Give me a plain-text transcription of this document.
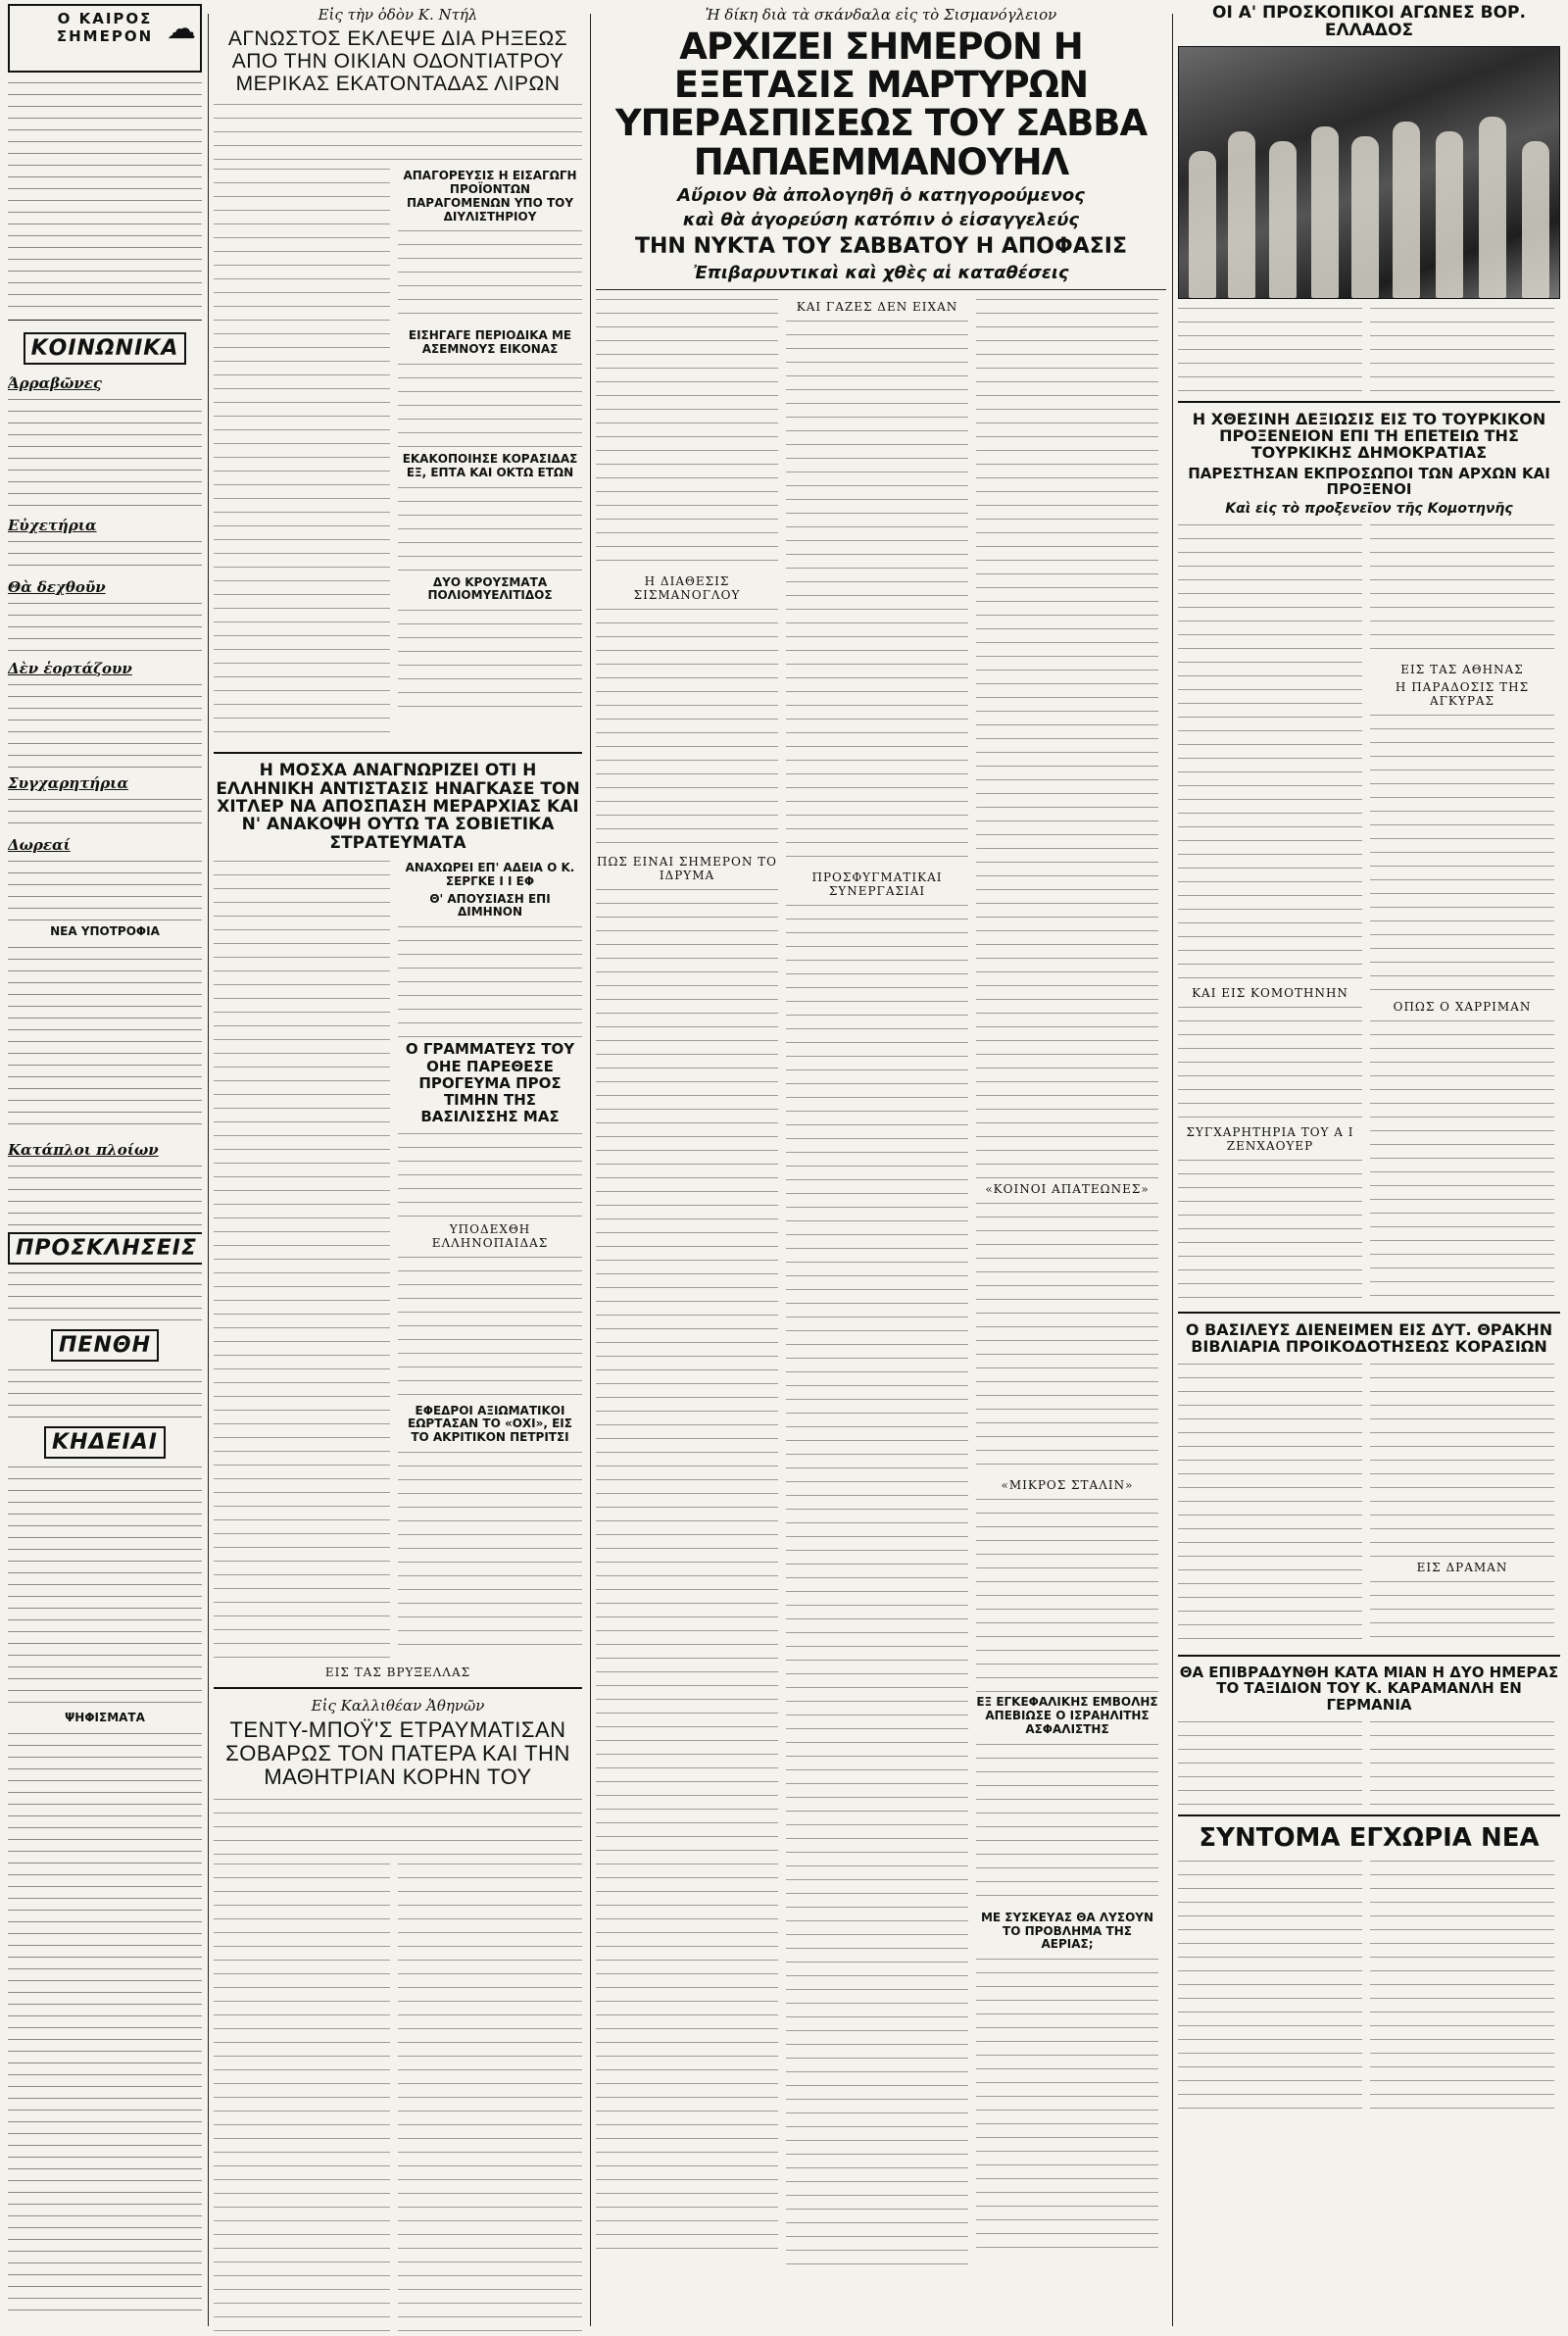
Ο ΚΑΙΡΟΣ
ΣΗΜΕΡΟΝ ☁
ΚΟΙΝΩΝΙΚΑ
Άρραβῶνες
Εὐχετήρια
Θὰ δεχθοῦν
Δὲν ἑορτάζουν
Συγχαρητήρια
Δωρεαί
ΝΕΑ ΥΠΟΤΡΟΦΙΑ
Κατάπλοι πλοίων
ΠΡΟΣΚΛΗΣΕΙΣ
ΠΕΝΘΗ
ΚΗΔΕΙΑΙ
ΨΗΦΙΣΜΑΤΑ
Εἰς τὴν ὁδὸν Κ. Ντήλ
ΑΓΝΩΣΤΟΣ ΕΚΛΕΨΕ ΔΙΑ ΡΗΞΕΩΣ ΑΠΟ ΤΗΝ ΟΙΚΙΑΝ ΟΔΟΝΤΙΑΤΡΟΥ ΜΕΡΙΚΑΣ ΕΚΑΤΟΝΤΑΔΑΣ ΛΙΡΩΝ
ΑΠΑΓΟΡΕΥΣΙΣ Η ΕΙΣΑΓΩΓΗ ΠΡΟΪΟΝΤΩΝ ΠΑΡΑΓΟΜΕΝΩΝ ΥΠΟ ΤΟΥ ΔΙΥΛΙΣΤΗΡΙΟΥ
ΕΙΣΗΓΑΓΕ ΠΕΡΙΟΔΙΚΑ ΜΕ ΑΣΕΜΝΟΥΣ ΕΙΚΟΝΑΣ
ΕΚΑΚΟΠΟΙΗΣΕ ΚΟΡΑΣΙΔΑΣ ΕΞ, ΕΠΤΑ ΚΑΙ ΟΚΤΩ ΕΤΩΝ
ΔΥΟ ΚΡΟΥΣΜΑΤΑ ΠΟΛΙΟΜΥΕΛΙΤΙΔΟΣ
Η ΜΟΣΧΑ ΑΝΑΓΝΩΡΙΖΕΙ ΟΤΙ Η ΕΛΛΗΝΙΚΗ ΑΝΤΙΣΤΑΣΙΣ ΗΝΑΓΚΑΣΕ ΤΟΝ ΧΙΤΛΕΡ ΝΑ ΑΠΟΣΠΑΣΗ ΜΕΡΑΡΧΙΑΣ ΚΑΙ Ν' ΑΝΑΚΟΨΗ ΟΥΤΩ ΤΑ ΣΟΒΙΕΤΙΚΑ ΣΤΡΑΤΕΥΜΑΤΑ
ΑΝΑΧΩΡΕΙ ΕΠ' ΑΔΕΙΑ Ο Κ. ΣΕΡΓΚΕ Ι Ι ΕΦ
Θ' ΑΠΟΥΣΙΑΣΗ ΕΠΙ ΔΙΜΗΝΟΝ
Ο ΓΡΑΜΜΑΤΕΥΣ ΤΟΥ ΟΗΕ ΠΑΡΕΘΕΣΕ ΠΡΟΓΕΥΜΑ ΠΡΟΣ ΤΙΜΗΝ ΤΗΣ ΒΑΣΙΛΙΣΣΗΣ ΜΑΣ
ΥΠΟΔΕΧΘΗ ΕΛΛΗΝΟΠΑΙΔΑΣ
ΕΦΕΔΡΟΙ ΑΞΙΩΜΑΤΙΚΟΙ ΕΩΡΤΑΣΑΝ ΤΟ «ΟΧΙ», ΕΙΣ ΤΟ ΑΚΡΙΤΙΚΟΝ ΠΕΤΡΙΤΣΙ
ΕΙΣ ΤΑΣ ΒΡΥΞΕΛΛΑΣ
Εἰς Καλλιθέαν Ἀθηνῶν
ΤΕΝΤΥ-ΜΠΟΫ'Σ ΕΤΡΑΥΜΑΤΙΣΑΝ ΣΟΒΑΡΩΣ ΤΟΝ ΠΑΤΕΡΑ ΚΑΙ ΤΗΝ ΜΑΘΗΤΡΙΑΝ ΚΟΡΗΝ ΤΟΥ
Ἡ δίκη διὰ τὰ σκάνδαλα εἰς τὸ Σισμανόγλειον
ΑΡΧΙΖΕΙ ΣΗΜΕΡΟΝ Η ΕΞΕΤΑΣΙΣ ΜΑΡΤΥΡΩΝ ΥΠΕΡΑΣΠΙΣΕΩΣ ΤΟΥ ΣΑΒΒΑ ΠΑΠΑΕΜΜΑΝΟΥΗΛ
Αὔριον θὰ ἀπολογηθῆ ὁ κατηγορούμενος
καὶ θὰ ἀγορεύση κατόπιν ὁ εἰσαγγελεύς
ΤΗΝ ΝΥΚΤΑ ΤΟΥ ΣΑΒΒΑΤΟΥ Η ΑΠΟΦΑΣΙΣ
Ἐπιβαρυντικαὶ καὶ χθὲς αἱ καταθέσεις
Η ΔΙΑΘΕΣΙΣ ΣΙΣΜΑΝΟΓΛΟΥ
ΠΩΣ ΕΙΝΑΙ ΣΗΜΕΡΟΝ ΤΟ ΙΔΡΥΜΑ
ΚΑΙ ΓΑΖΕΣ ΔΕΝ ΕΙΧΑΝ
ΠΡΟΣΦΥΓΜΑΤΙΚΑΙ ΣΥΝΕΡΓΑΣΙΑΙ
«ΚΟΙΝΟΙ ΑΠΑΤΕΩΝΕΣ»
«ΜΙΚΡΟΣ ΣΤΑΛΙΝ»
ΕΞ ΕΓΚΕΦΑΛΙΚΗΣ ΕΜΒΟΛΗΣ ΑΠΕΒΙΩΣΕ Ο ΙΣΡΑΗΛΙΤΗΣ ΑΣΦΑΛΙΣΤΗΣ
ΜΕ ΣΥΣΚΕΥΑΣ ΘΑ ΛΥΣΟΥΝ ΤΟ ΠΡΟΒΛΗΜΑ ΤΗΣ ΑΕΡΙΑΣ;
ΟΙ Α' ΠΡΟΣΚΟΠΙΚΟΙ ΑΓΩΝΕΣ ΒΟΡ. ΕΛΛΑΔΟΣ
Η ΧΘΕΣΙΝΗ ΔΕΞΙΩΣΙΣ ΕΙΣ ΤΟ ΤΟΥΡΚΙΚΟΝ ΠΡΟΞΕΝΕΙΟΝ ΕΠΙ ΤΗ ΕΠΕΤΕΙΩ ΤΗΣ ΤΟΥΡΚΙΚΗΣ ΔΗΜΟΚΡΑΤΙΑΣ
ΠΑΡΕΣΤΗΣΑΝ ΕΚΠΡΟΣΩΠΟΙ ΤΩΝ ΑΡΧΩΝ ΚΑΙ ΠΡΟΞΕΝΟΙ
Καὶ εἰς τὸ προξενεῖον τῆς Κομοτηνῆς
ΚΑΙ ΕΙΣ ΚΟΜΟΤΗΝΗΝ
ΣΥΓΧΑΡΗΤΗΡΙΑ ΤΟΥ Α Ι ΖΕΝΧΑΟΥΕΡ
ΕΙΣ ΤΑΣ ΑΘΗΝΑΣ
Η ΠΑΡΑΔΟΣΙΣ ΤΗΣ ΑΓΚΥΡΑΣ
ΟΠΩΣ Ο ΧΑΡΡΙΜΑΝ
Ο ΒΑΣΙΛΕΥΣ ΔΙΕΝΕΙΜΕΝ ΕΙΣ ΔΥΤ. ΘΡΑΚΗΝ ΒΙΒΛΙΑΡΙΑ ΠΡΟΙΚΟΔΟΤΗΣΕΩΣ ΚΟΡΑΣΙΩΝ
ΕΙΣ ΔΡΑΜΑΝ
ΘΑ ΕΠΙΒΡΑΔΥΝΘΗ ΚΑΤΑ ΜΙΑΝ Η ΔΥΟ ΗΜΕΡΑΣ ΤΟ ΤΑΞΙΔΙΟΝ ΤΟΥ Κ. ΚΑΡΑΜΑΝΛΗ ΕΝ ΓΕΡΜΑΝΙΑ
ΣΥΝΤΟΜΑ ΕΓΧΩΡΙΑ ΝΕΑ
